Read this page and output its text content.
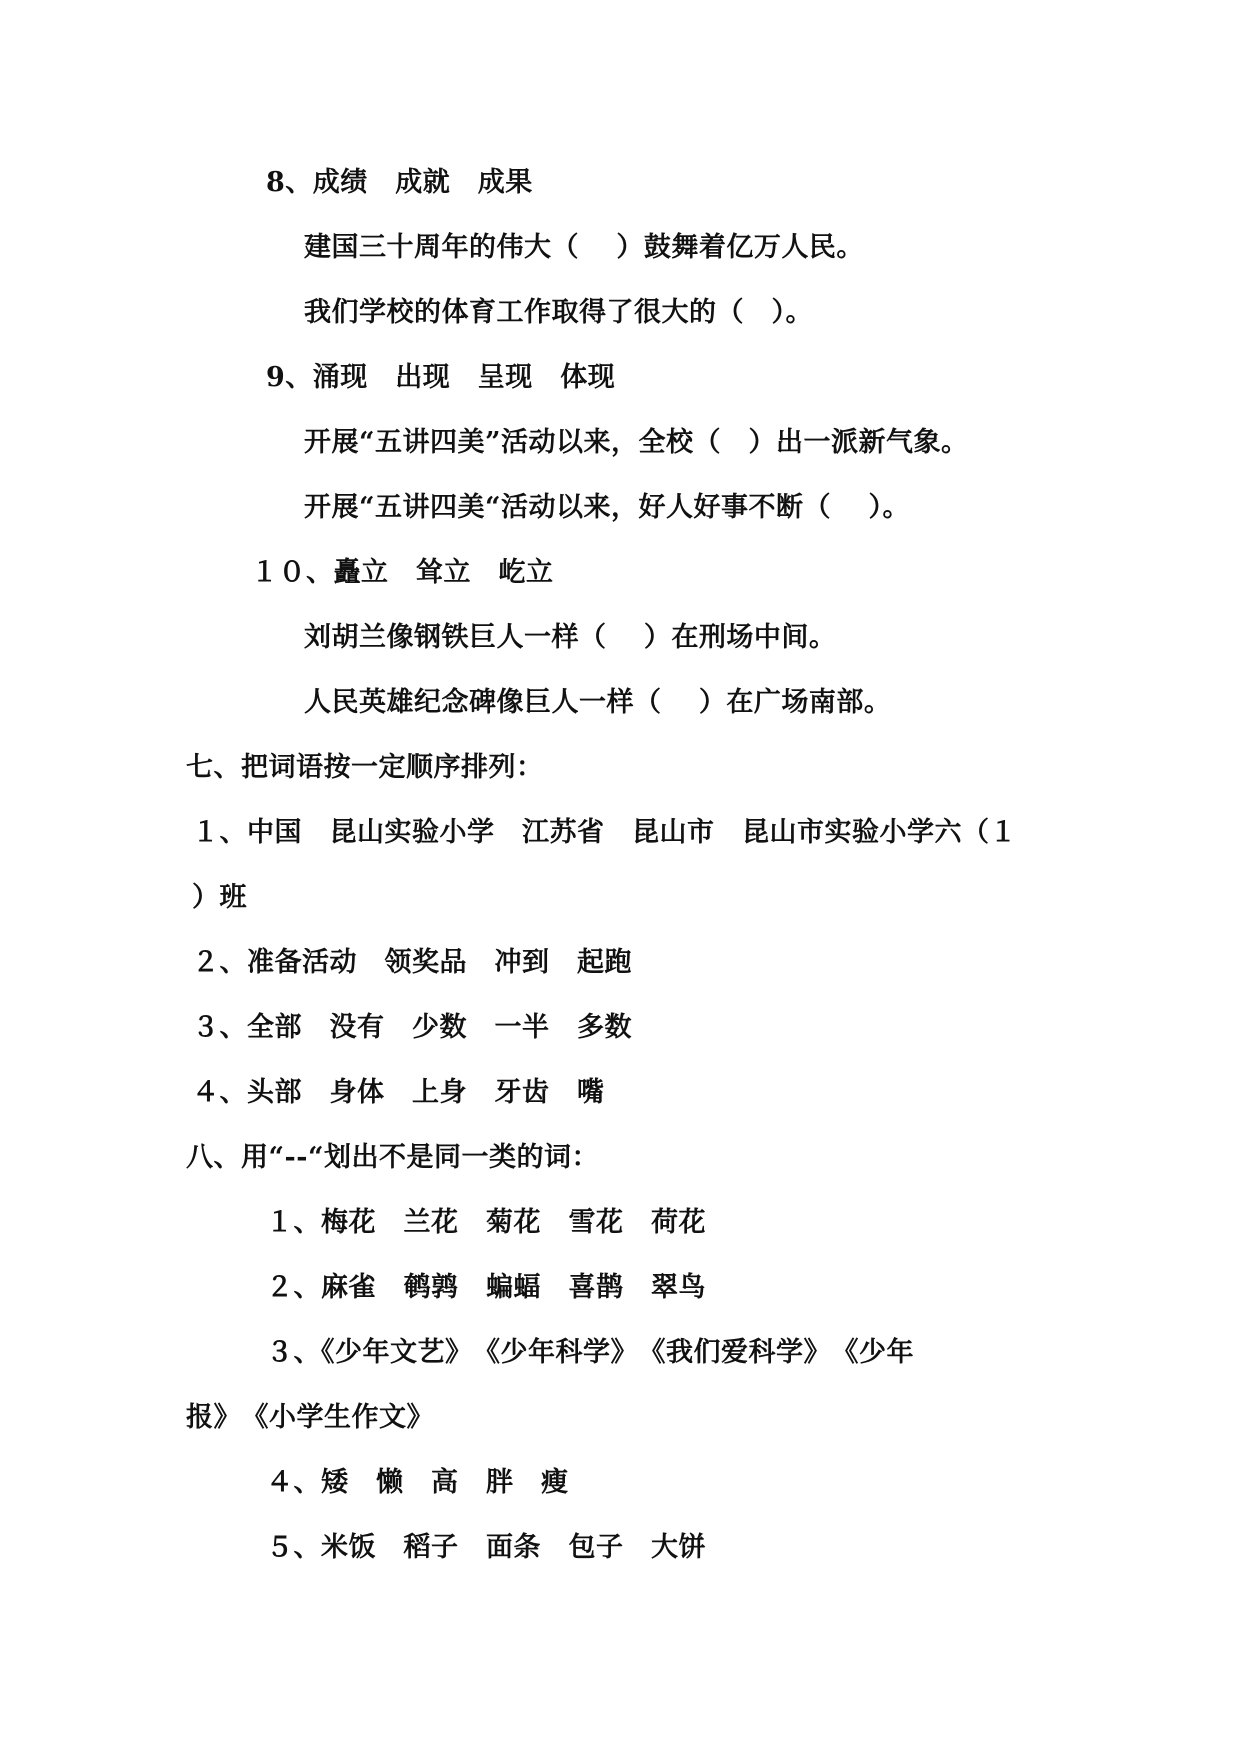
8、成绩　成就　成果
建国三十周年的伟大（　 ）鼓舞着亿万人民。
我们学校的体育工作取得了很大的（　）。
9、涌现　出现　呈现　体现
开展“五讲四美”活动以来，全校（　）出一派新气象。
开展“五讲四美“活动以来，好人好事不断（　 ）。
１０、矗立　耸立　屹立
刘胡兰像钢铁巨人一样（　 ）在刑场中间。
人民英雄纪念碑像巨人一样（　 ）在广场南部。
七、把词语按一定顺序排列：
１、中国　昆山实验小学　江苏省　昆山市　昆山市实验小学六（１
）班
２、准备活动　领奖品　冲到　起跑
３、全部　没有　少数　一半　多数
４、头部　身体　上身　牙齿　嘴
八、用“--“划出不是同一类的词：
１、梅花　兰花　菊花　雪花　荷花
２、麻雀　鹌鹑　蝙蝠　喜鹊　翠鸟
３、《少年文艺》　《少年科学》　《我们爱科学》　《少年
报》　《小学生作文》
４、矮　懒　高　胖　瘦
５、米饭　稻子　面条　包子　大饼
